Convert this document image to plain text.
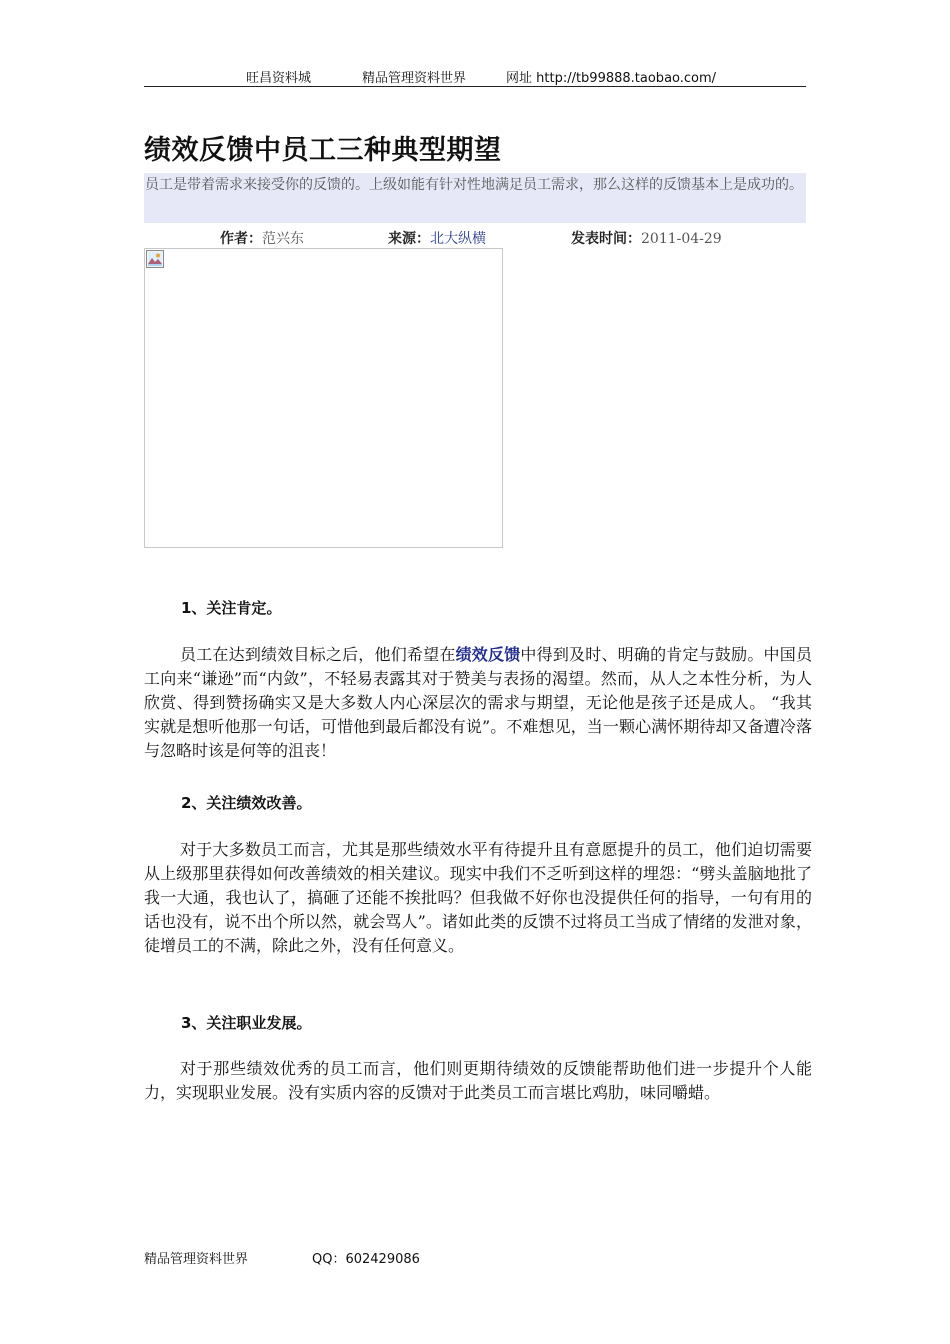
旺昌资料城	精品管理资料世界	网址 http://tb99888.taobao.com/
绩效反馈中员工三种典型期望

员工是带着需求来接受你的反馈的。上级如能有针对性地满足员工需求，那么这样的反馈基本上是成功的。

作者：范兴东	来源：北大纵横	发表时间：2011-04-29
1、关注肯定。

员工在达到绩效目标之后，他们希望在绩效反馈中得到及时、明确的肯定与鼓励。中国员工向来“谦逊”而“内敛”，不轻易表露其对于赞美与表扬的渴望。然而，从人之本性分析，为人欣赏、得到赞扬确实又是大多数人内心深层次的需求与期望，无论他是孩子还是成人。 “我其实就是想听他那一句话，可惜他到最后都没有说”。不难想见，当一颗心满怀期待却又备遭冷落与忽略时该是何等的沮丧！

2、关注绩效改善。

对于大多数员工而言，尤其是那些绩效水平有待提升且有意愿提升的员工，他们迫切需要从上级那里获得如何改善绩效的相关建议。现实中我们不乏听到这样的埋怨：“劈头盖脑地批了我一大通，我也认了，搞砸了还能不挨批吗？但我做不好你也没提供任何的指导，一句有用的话也没有，说不出个所以然，就会骂人”。诸如此类的反馈不过将员工当成了情绪的发泄对象，徒增员工的不满，除此之外，没有任何意义。

3、关注职业发展。

对于那些绩效优秀的员工而言，他们则更期待绩效的反馈能帮助他们进一步提升个人能力，实现职业发展。没有实质内容的反馈对于此类员工而言堪比鸡肋，味同嚼蜡。

精品管理资料世界	QQ：602429086
